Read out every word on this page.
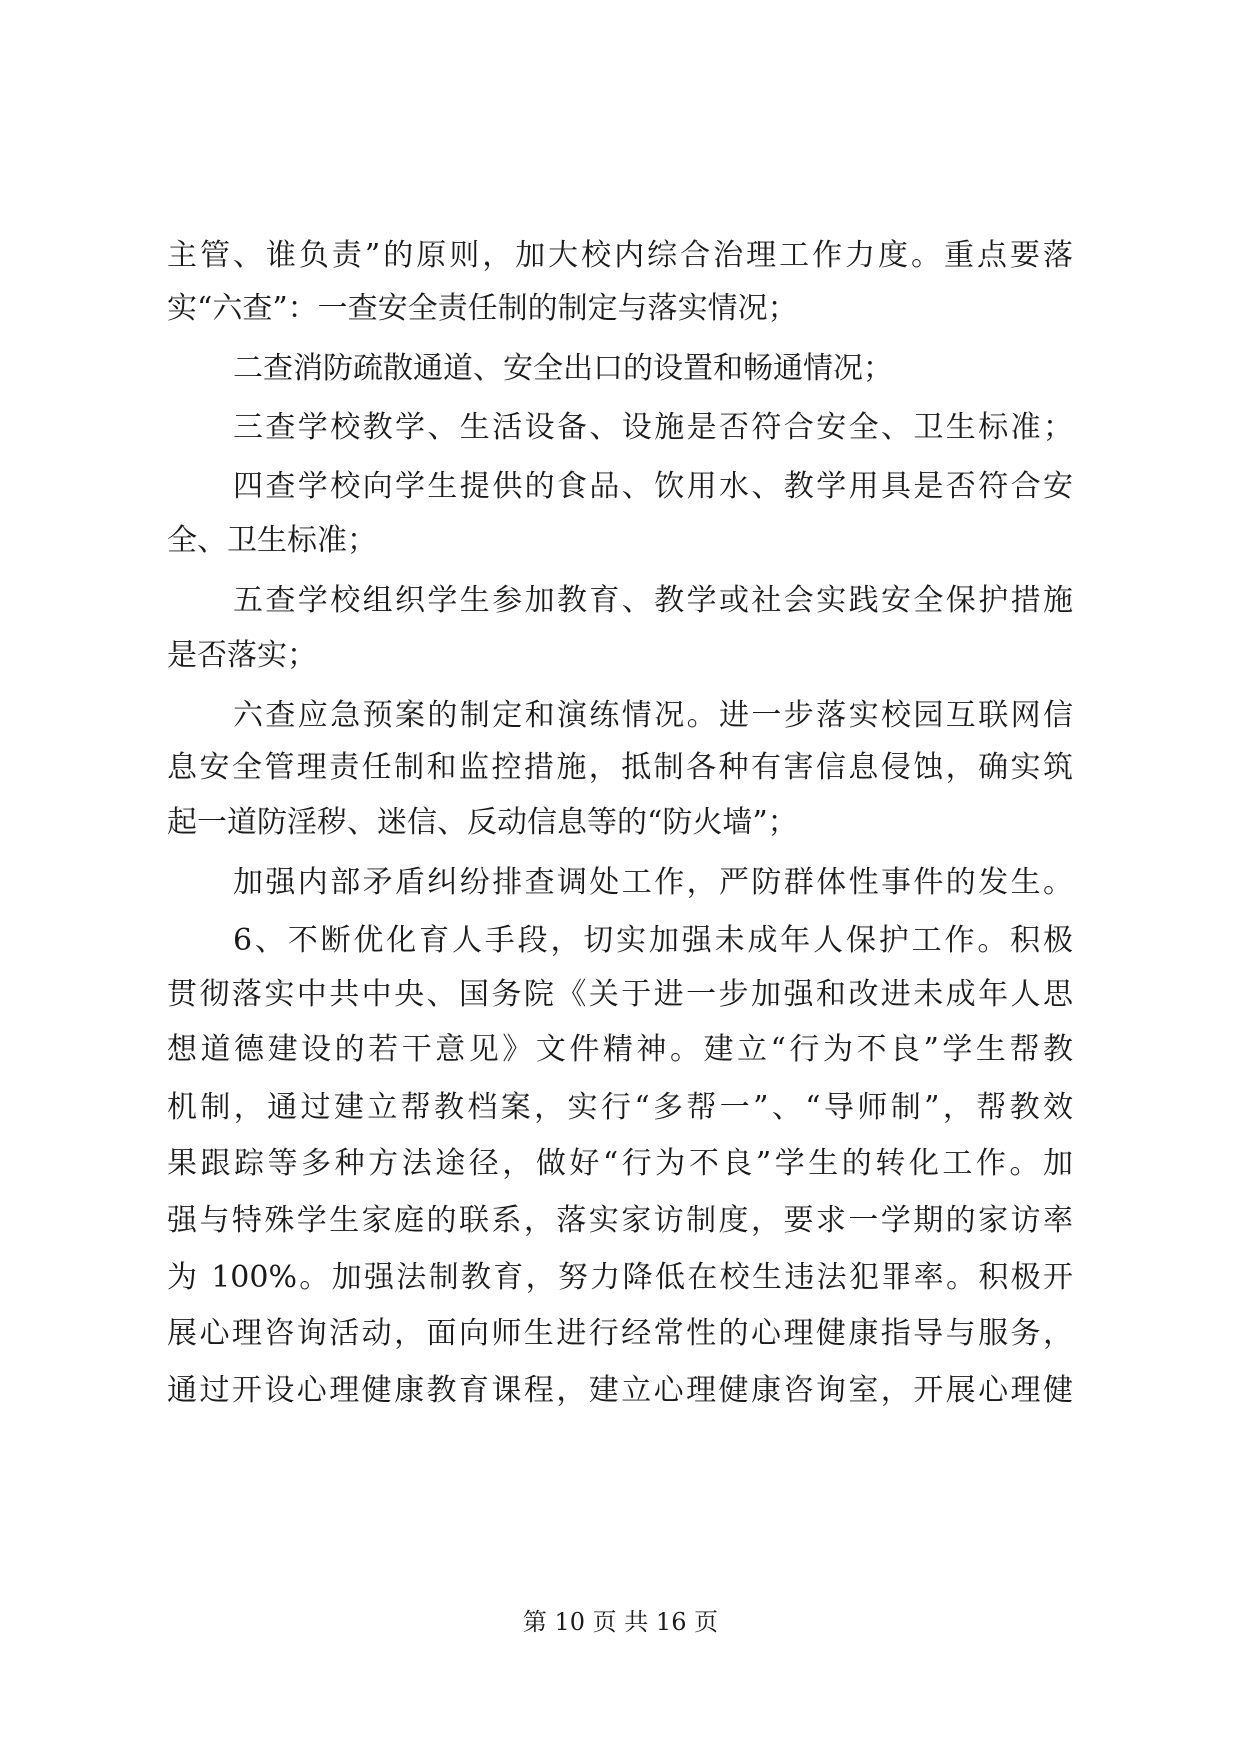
主管、谁负责”的原则，加大校内综合治理工作力度。重点要落
实“六查”：一查安全责任制的制定与落实情况；
二查消防疏散通道、安全出口的设置和畅通情况；
三查学校教学、生活设备、设施是否符合安全、卫生标准；
四查学校向学生提供的食品、饮用水、教学用具是否符合安
全、卫生标准；
五查学校组织学生参加教育、教学或社会实践安全保护措施
是否落实；
六查应急预案的制定和演练情况。进一步落实校园互联网信
息安全管理责任制和监控措施，抵制各种有害信息侵蚀，确实筑
起一道防淫秽、迷信、反动信息等的“防火墙”；
加强内部矛盾纠纷排查调处工作，严防群体性事件的发生。
6、不断优化育人手段，切实加强未成年人保护工作。积极
贯彻落实中共中央、国务院《关于进一步加强和改进未成年人思
想道德建设的若干意见》文件精神。建立“行为不良”学生帮教
机制，通过建立帮教档案，实行“多帮一”、“导师制”，帮教效
果跟踪等多种方法途径，做好“行为不良”学生的转化工作。加
强与特殊学生家庭的联系，落实家访制度，要求一学期的家访率
为 100%。加强法制教育，努力降低在校生违法犯罪率。积极开
展心理咨询活动，面向师生进行经常性的心理健康指导与服务，
通过开设心理健康教育课程，建立心理健康咨询室，开展心理健
第 10 页 共 16 页
